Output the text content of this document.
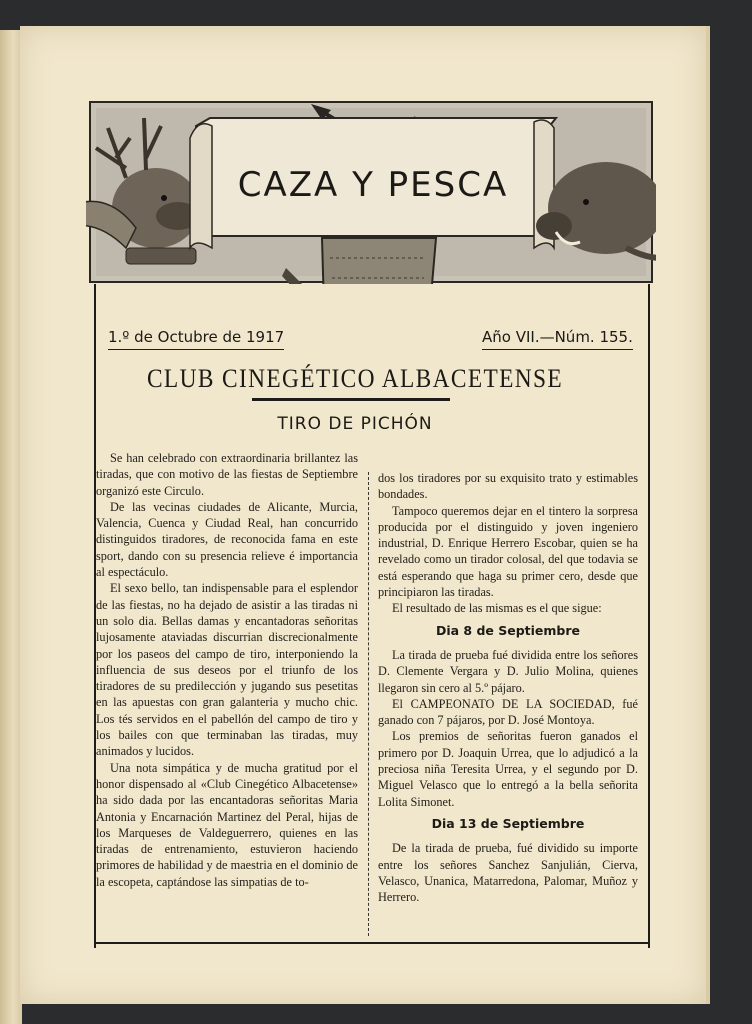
CAZA Y PESCA
1.º de Octubre de 1917	Año VII.—Núm. 155.
CLUB CINEGÉTICO ALBACETENSE
TIRO DE PICHÓN

Se han celebrado con extraordinaria brillantez las tiradas, que con motivo de las fiestas de Septiembre organizó este Circulo.

De las vecinas ciudades de Alicante, Murcia, Valencia, Cuenca y Ciudad Real, han concurrido distinguidos tiradores, de reconocida fama en este sport, dando con su presencia relieve é importancia al espectáculo.

El sexo bello, tan indispensable para el esplendor de las fiestas, no ha dejado de asistir a las tiradas ni un solo dia. Bellas damas y encantadoras señoritas lujosamente ataviadas discurrian discrecionalmente por los paseos del campo de tiro, interponiendo la influencia de sus deseos por el triunfo de los tiradores de su predilección y jugando sus pesetitas en las apuestas con gran galanteria y mucho chic. Los tés servidos en el pabellón del campo de tiro y los bailes con que terminaban las tiradas, muy animados y lucidos.

Una nota simpática y de mucha gratitud por el honor dispensado al «Club Cinegético Albacetense» ha sido dada por las encantadoras señoritas Maria Antonia y Encarnación Martinez del Peral, hijas de los Marqueses de Valdeguerrero, quienes en las tiradas de entrenamiento, estuvieron haciendo primores de habilidad y de maestria en el dominio de la escopeta, captándose las simpatias de to-

dos los tiradores por su exquisito trato y estimables bondades.

Tampoco queremos dejar en el tintero la sorpresa producida por el distinguido y joven ingeniero industrial, D. Enrique Herrero Escobar, quien se ha revelado como un tirador colosal, del que todavia se está esperando que haga su primer cero, desde que principiaron las tiradas.

El resultado de las mismas es el que sigue:

Dia 8 de Septiembre

La tirada de prueba fué dividida entre los señores D. Clemente Vergara y D. Julio Molina, quienes llegaron sin cero al 5.º pájaro.

El CAMPEONATO DE LA SOCIEDAD, fué ganado con 7 pájaros, por D. José Montoya.

Los premios de señoritas fueron ganados el primero por D. Joaquin Urrea, que lo adjudicó a la preciosa niña Teresita Urrea, y el segundo por D. Miguel Velasco que lo entregó a la bella señorita Lolita Simonet.

Dia 13 de Septiembre

De la tirada de prueba, fué dividido su importe entre los señores Sanchez Sanjulián, Cierva, Velasco, Unanica, Matarredona, Palomar, Muñoz y Herrero.
